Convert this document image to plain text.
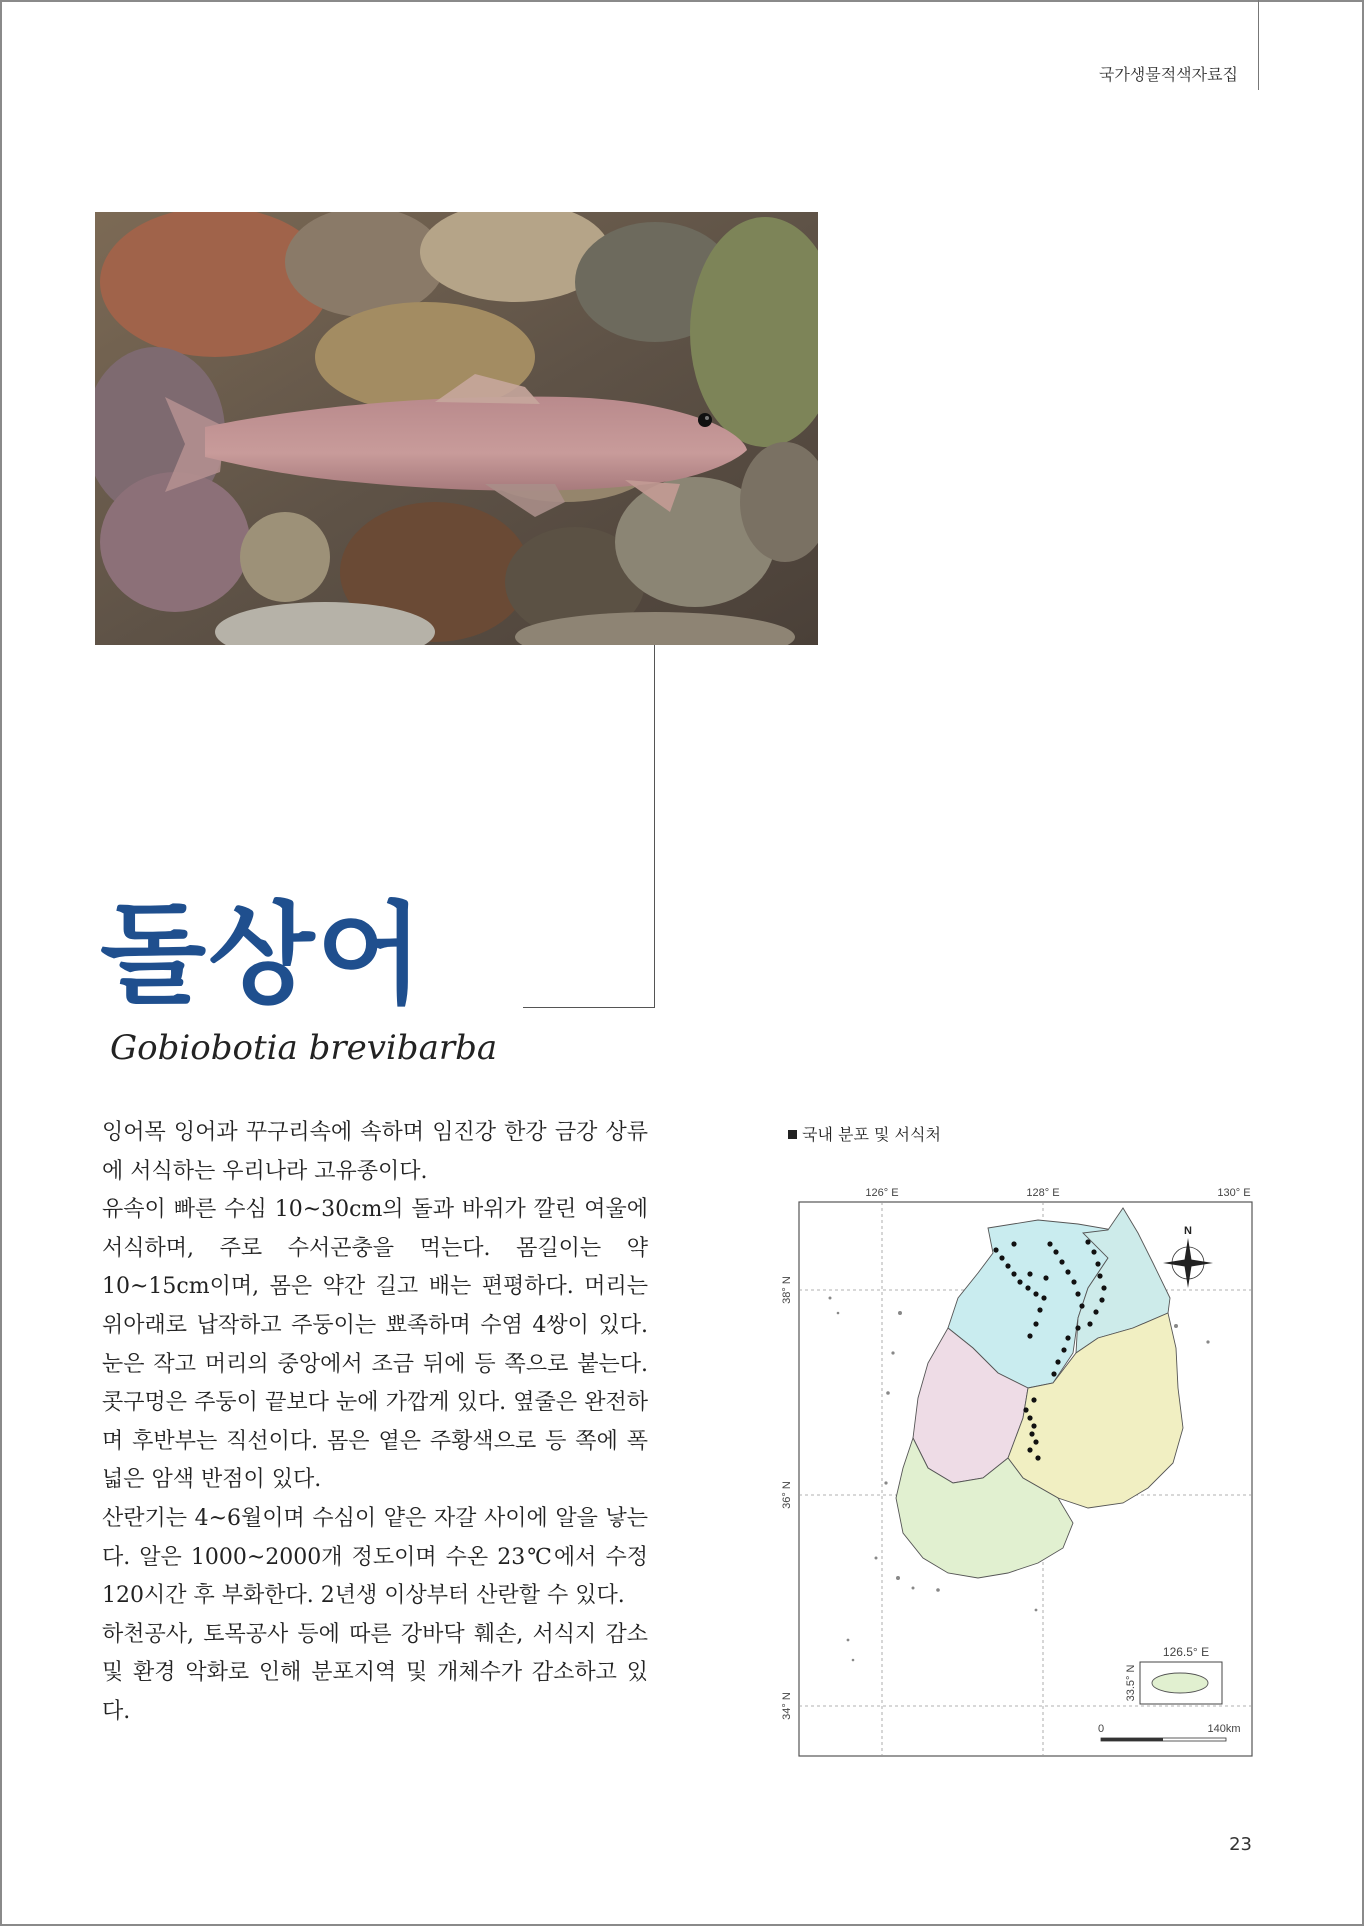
국가생물적색자료집
돌상어
Gobiobotia brevibarba

잉어목 잉어과 꾸구리속에 속하며 임진강 한강 금강 상류에 서식하는 우리나라 고유종이다.

유속이 빠른 수심 10~30cm의 돌과 바위가 깔린 여울에 서식하며, 주로 수서곤충을 먹는다. 몸길이는 약 10~15cm이며, 몸은 약간 길고 배는 편평하다. 머리는 위아래로 납작하고 주둥이는 뾰족하며 수염 4쌍이 있다. 눈은 작고 머리의 중앙에서 조금 뒤에 등 쪽으로 붙는다. 콧구멍은 주둥이 끝보다 눈에 가깝게 있다. 옆줄은 완전하며 후반부는 직선이다. 몸은 옅은 주황색으로 등 쪽에 폭넓은 암색 반점이 있다.

산란기는 4~6월이며 수심이 얕은 자갈 사이에 알을 낳는다. 알은 1000~2000개 정도이며 수온 23℃에서 수정 120시간 후 부화한다. 2년생 이상부터 산란할 수 있다.

하천공사, 토목공사 등에 따른 강바닥 훼손, 서식지 감소 및 환경 악화로 인해 분포지역 및 개체수가 감소하고 있다.

국내 분포 및 서식처
126° E	128° E	130° E
38° N
36° N
34° N
N
126.5° E
33.5° N
0	140km
23
